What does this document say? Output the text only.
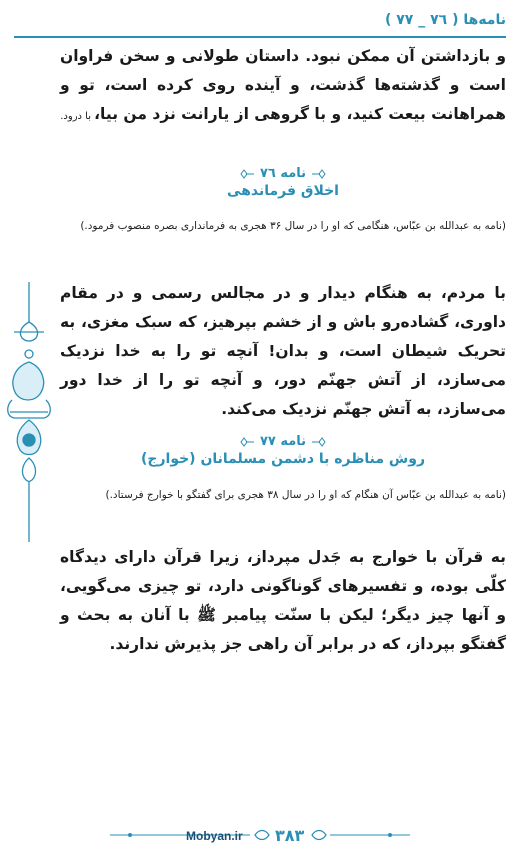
نامه‌ها ( ٧٦ _ ٧٧ )
و بازداشتن آن ممکن نبود. داستان طولانی و سخن فراوان است و گذشته‌ها گذشت، و آینده روی کرده است، تو و همراهانت بیعت کنید، و با گروهی از یارانت نزد من بیا، با درود.
نامه ٧٦
اخلاق فرماندهی
(نامه به عبدالله بن عبّاس، هنگامی که او را در سال ۳۶ هجری به فرمانداری بصره منصوب فرمود.)
با مردم، به هنگام دیدار و در مجالس رسمی و در مقام داوری، گشاده‌رو باش و از خشم بپرهیز، که سبک مغزی، به تحریک شیطان است، و بدان! آنچه تو را به خدا نزدیک می‌سازد، از آتش جهنّم دور، و آنچه تو را از خدا دور می‌سازد، به آتش جهنّم نزدیک می‌کند.
نامه ٧٧
روش مناظره با دشمن مسلمانان (خوارج)
(نامه به عبدالله بن عبّاس آن هنگام که او را در سال ۳۸ هجری برای گفتگو با خوارج فرستاد.)
به قرآن با خوارج به جَدل مپرداز، زیرا قرآن دارای دیدگاه کلّی بوده، و تفسیرهای گوناگونی دارد، تو چیزی می‌گویی، و آنها چیز دیگر؛ لیکن با سنّت پیامبر ﷺ با آنان به بحث و گفتگو بپرداز، که در برابر آن راهی جز پذیرش ندارند.
Mobyan.ir ۳۸۳
